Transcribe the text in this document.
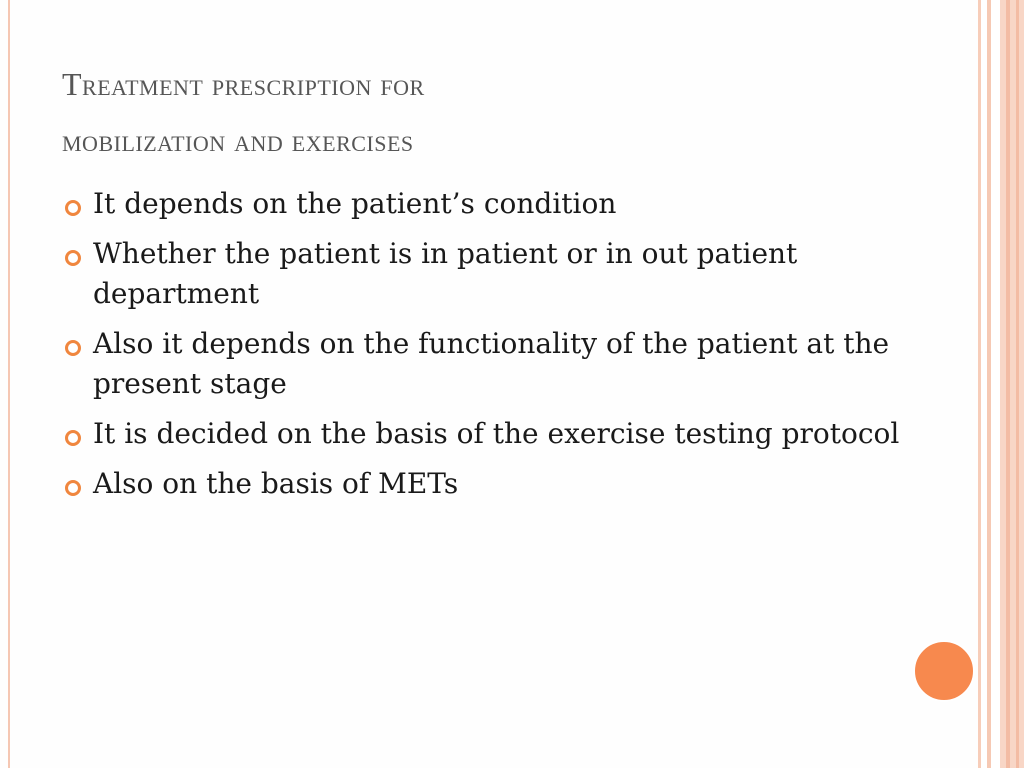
Treatment prescription for
mobilization and exercises
It depends on the patient’s condition
Whether the patient is in patient or in out patient department
Also it depends on the functionality of the patient at the present stage
It is decided on the basis of the exercise testing protocol
Also on the basis of METs
